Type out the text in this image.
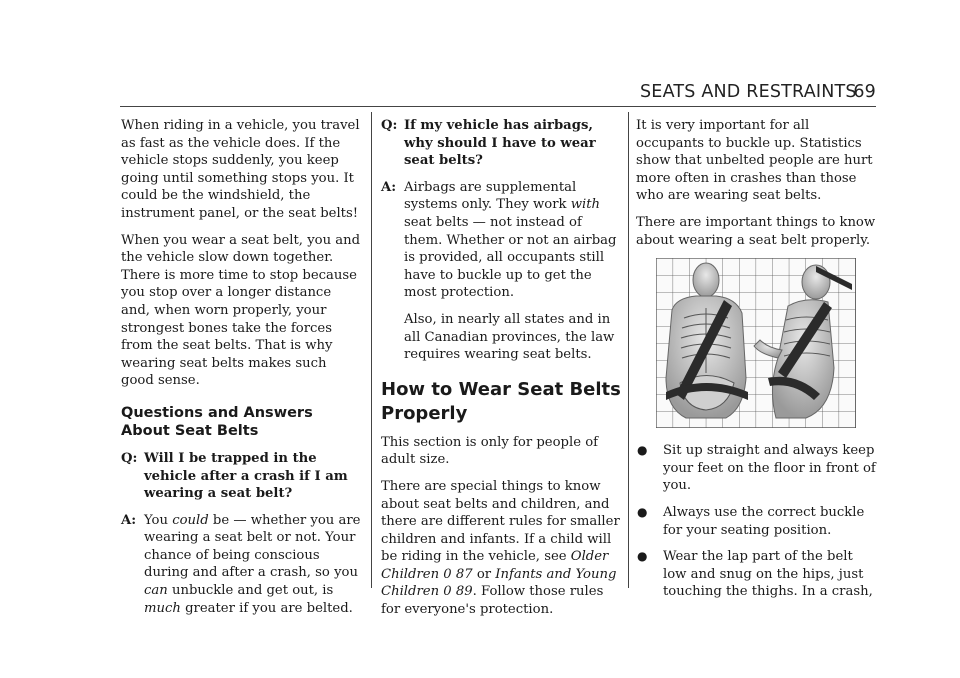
SEATS AND RESTRAINTS
69

When riding in a vehicle, you travel as fast as the vehicle does. If the vehicle stops suddenly, you keep going until something stops you. It could be the windshield, the instrument panel, or the seat belts!

When you wear a seat belt, you and the vehicle slow down together. There is more time to stop because you stop over a longer distance and, when worn properly, your strongest bones take the forces from the seat belts. That is why wearing seat belts makes such good sense.

Questions and Answers About Seat Belts
Q: Will I be trapped in the vehicle after a crash if I am wearing a seat belt?
A: You could be — whether you are wearing a seat belt or not. Your chance of being conscious during and after a crash, so you can unbuckle and get out, is much greater if you are belted.
Q: If my vehicle has airbags, why should I have to wear seat belts?
A: Airbags are supplemental systems only. They work with seat belts — not instead of them. Whether or not an airbag is provided, all occupants still have to buckle up to get the most protection.
Also, in nearly all states and in all Canadian provinces, the law requires wearing seat belts.
How to Wear Seat Belts Properly

This section is only for people of adult size.

There are special things to know about seat belts and children, and there are different rules for smaller children and infants. If a child will be riding in the vehicle, see Older Children 0 87 or Infants and Young Children 0 89. Follow those rules for everyone's protection.

It is very important for all occupants to buckle up. Statistics show that unbelted people are hurt more often in crashes than those who are wearing seat belts.

There are important things to know about wearing a seat belt properly.

●	Sit up straight and always keep your feet on the floor in front of you.
●	Always use the correct buckle for your seating position.
●	Wear the lap part of the belt low and snug on the hips, just touching the thighs. In a crash,
